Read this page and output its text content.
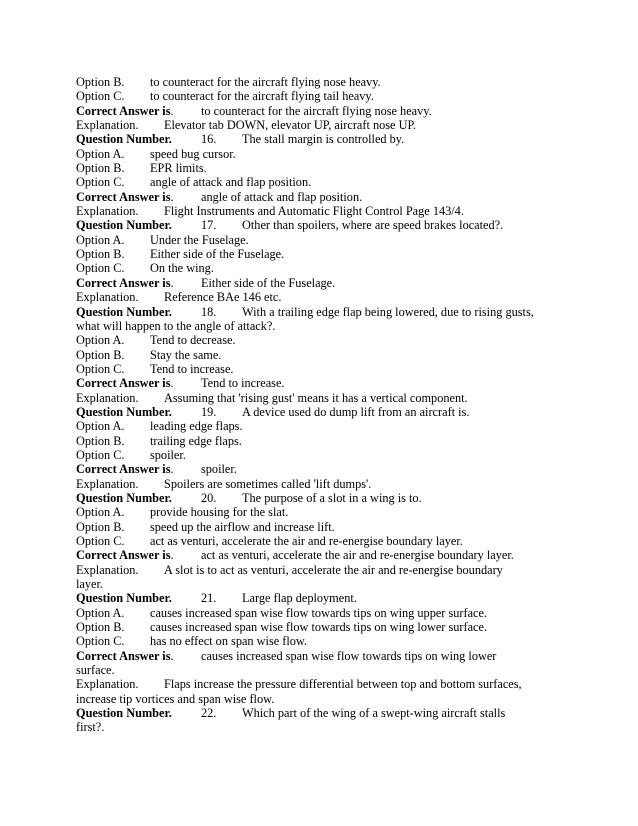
Option B. to counteract for the aircraft flying nose heavy.
Option C. to counteract for the aircraft flying tail heavy.
Correct Answer is. to counteract for the aircraft flying nose heavy.
Explanation. Elevator tab DOWN, elevator UP, aircraft nose UP.
Question Number. 16. The stall margin is controlled by.
Option A. speed bug cursor.
Option B. EPR limits.
Option C. angle of attack and flap position.
Correct Answer is. angle of attack and flap position.
Explanation. Flight Instruments and Automatic Flight Control Page 143/4.
Question Number. 17. Other than spoilers, where are speed brakes located?.
Option A. Under the Fuselage.
Option B. Either side of the Fuselage.
Option C. On the wing.
Correct Answer is. Either side of the Fuselage.
Explanation. Reference BAe 146 etc.
Question Number. 18. With a trailing edge flap being lowered, due to rising gusts,
what will happen to the angle of attack?.
Option A. Tend to decrease.
Option B. Stay the same.
Option C. Tend to increase.
Correct Answer is. Tend to increase.
Explanation. Assuming that 'rising gust' means it has a vertical component.
Question Number. 19. A device used do dump lift from an aircraft is.
Option A. leading edge flaps.
Option B. trailing edge flaps.
Option C. spoiler.
Correct Answer is. spoiler.
Explanation. Spoilers are sometimes called 'lift dumps'.
Question Number. 20. The purpose of a slot in a wing is to.
Option A. provide housing for the slat.
Option B. speed up the airflow and increase lift.
Option C. act as venturi, accelerate the air and re-energise boundary layer.
Correct Answer is. act as venturi, accelerate the air and re-energise boundary layer.
Explanation. A slot is to act as venturi, accelerate the air and re-energise boundary
layer.
Question Number. 21. Large flap deployment.
Option A. causes increased span wise flow towards tips on wing upper surface.
Option B. causes increased span wise flow towards tips on wing lower surface.
Option C. has no effect on span wise flow.
Correct Answer is. causes increased span wise flow towards tips on wing lower
surface.
Explanation. Flaps increase the pressure differential between top and bottom surfaces,
increase tip vortices and span wise flow.
Question Number. 22. Which part of the wing of a swept-wing aircraft stalls
first?.
